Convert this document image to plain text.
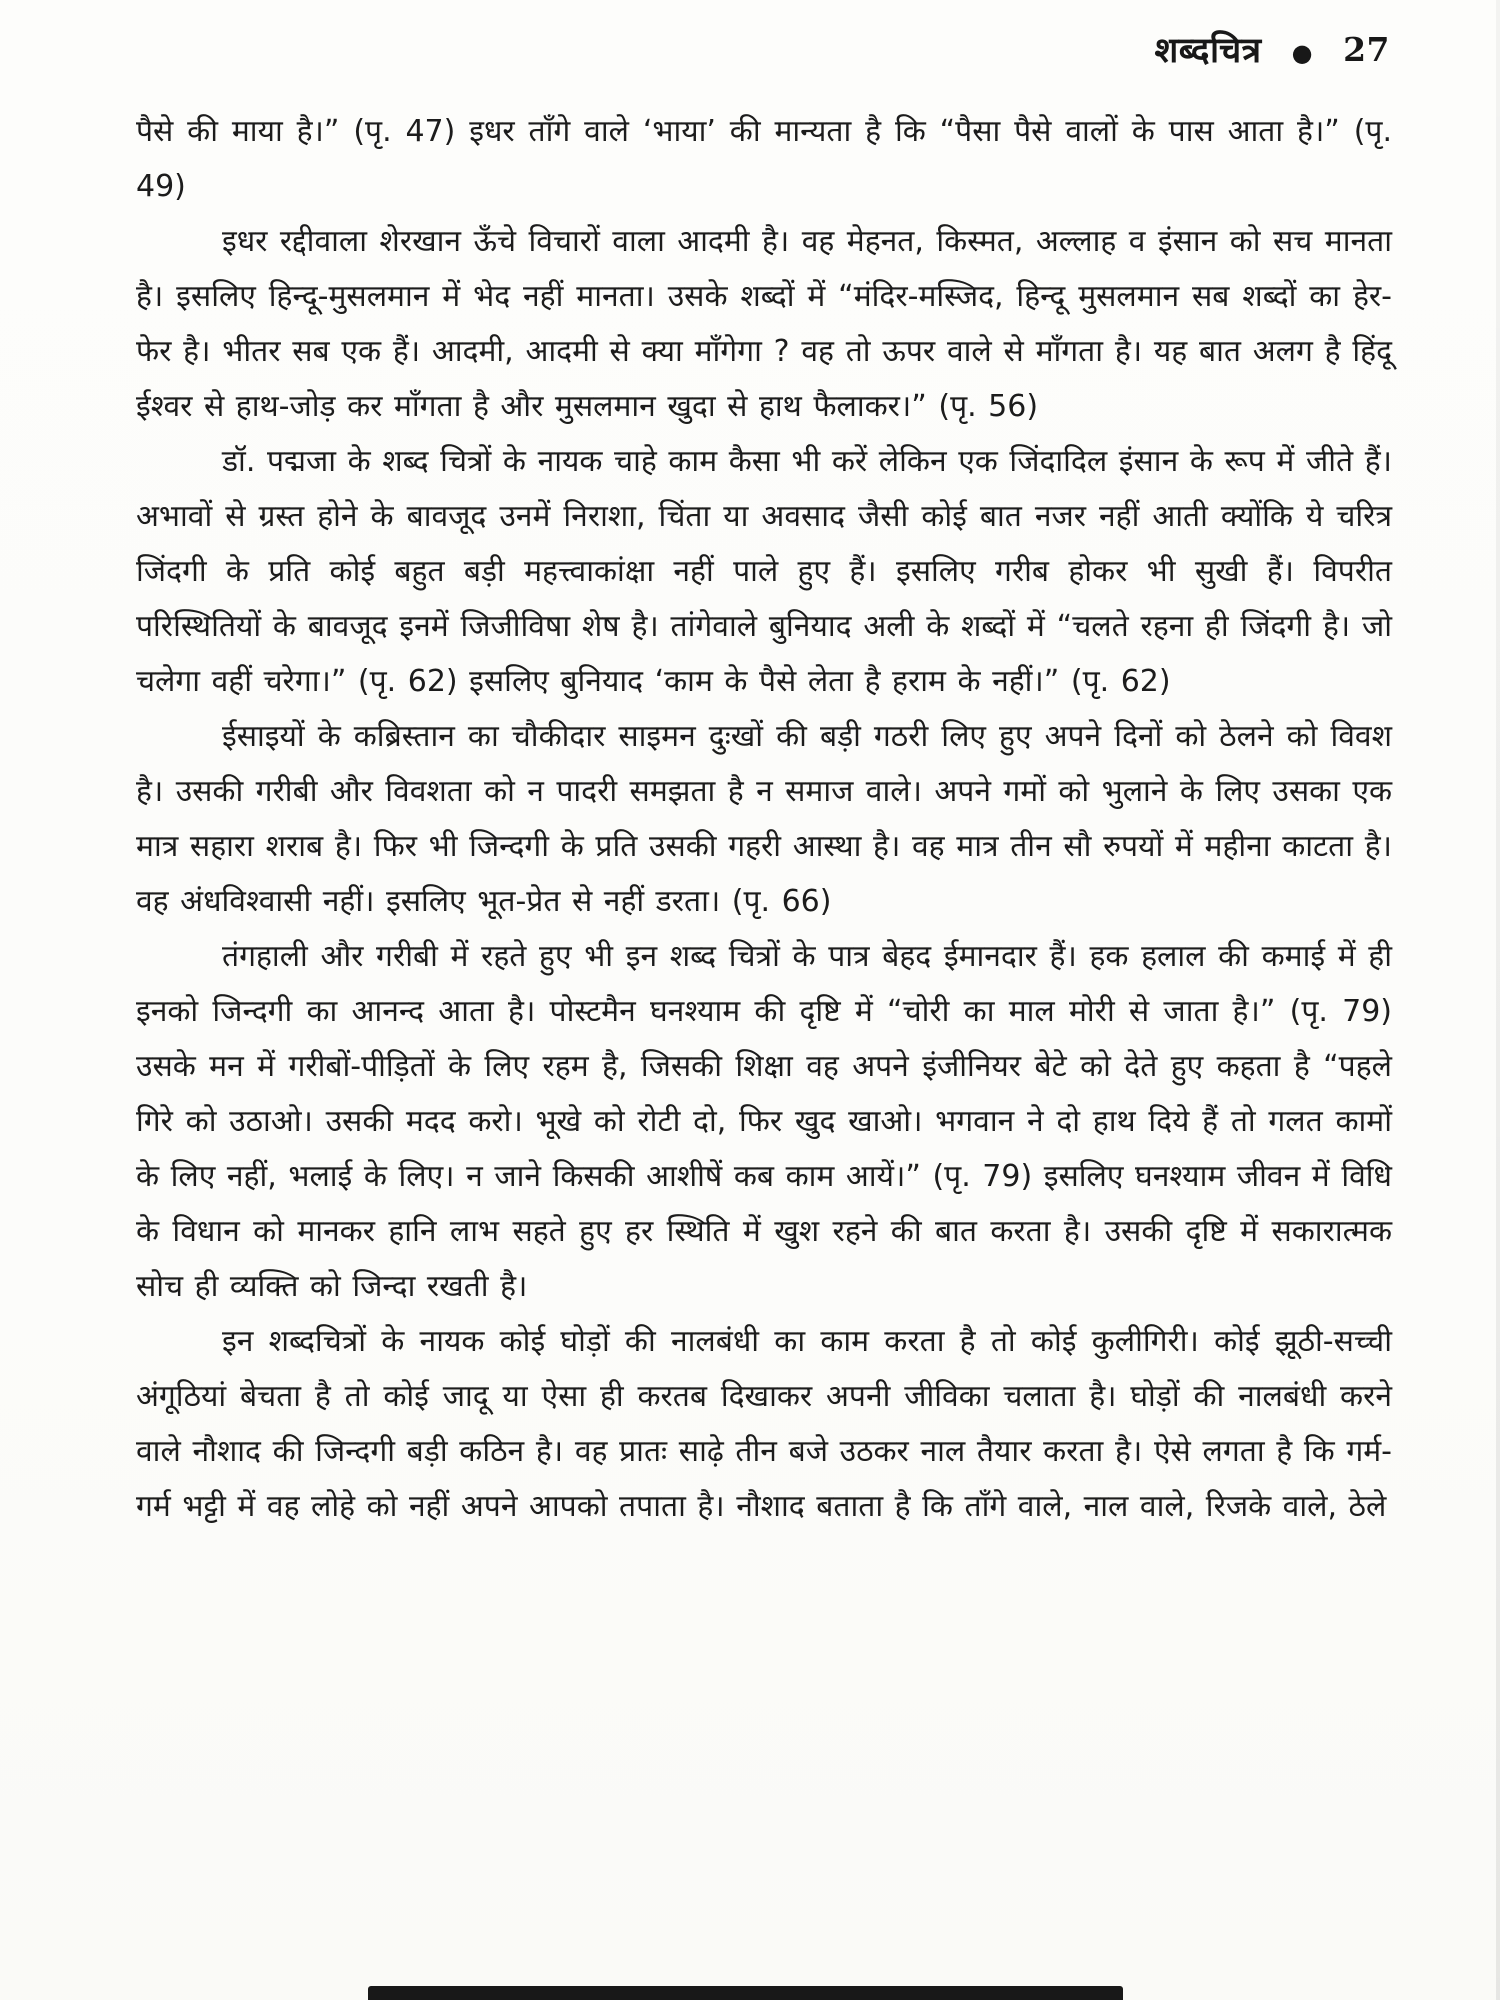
शब्दचित्र ● 27

पैसे की माया है।” (पृ. 47) इधर ताँगे वाले ‘भाया’ की मान्यता है कि “पैसा पैसे वालों के पास आता है।” (पृ. 49)

इधर रद्दीवाला शेरखान ऊँचे विचारों वाला आदमी है। वह मेहनत, किस्मत, अल्लाह व इंसान को सच मानता है। इसलिए हिन्दू-मुसलमान में भेद नहीं मानता। उसके शब्दों में “मंदिर-मस्जिद, हिन्दू मुसलमान सब शब्दों का हेर-फेर है। भीतर सब एक हैं। आदमी, आदमी से क्या माँगेगा ? वह तो ऊपर वाले से माँगता है। यह बात अलग है हिंदू ईश्वर से हाथ-जोड़ कर माँगता है और मुसलमान खुदा से हाथ फैलाकर।” (पृ. 56)

डॉ. पद्मजा के शब्द चित्रों के नायक चाहे काम कैसा भी करें लेकिन एक जिंदादिल इंसान के रूप में जीते हैं। अभावों से ग्रस्त होने के बावजूद उनमें निराशा, चिंता या अवसाद जैसी कोई बात नजर नहीं आती क्योंकि ये चरित्र जिंदगी के प्रति कोई बहुत बड़ी महत्त्वाकांक्षा नहीं पाले हुए हैं। इसलिए गरीब होकर भी सुखी हैं। विपरीत परिस्थितियों के बावजूद इनमें जिजीविषा शेष है। तांगेवाले बुनियाद अली के शब्दों में “चलते रहना ही जिंदगी है। जो चलेगा वहीं चरेगा।” (पृ. 62) इसलिए बुनियाद ‘काम के पैसे लेता है हराम के नहीं।” (पृ. 62)

ईसाइयों के कब्रिस्तान का चौकीदार साइमन दुःखों की बड़ी गठरी लिए हुए अपने दिनों को ठेलने को विवश है। उसकी गरीबी और विवशता को न पादरी समझता है न समाज वाले। अपने गमों को भुलाने के लिए उसका एक मात्र सहारा शराब है। फिर भी जिन्दगी के प्रति उसकी गहरी आस्था है। वह मात्र तीन सौ रुपयों में महीना काटता है। वह अंधविश्वासी नहीं। इसलिए भूत-प्रेत से नहीं डरता। (पृ. 66)

तंगहाली और गरीबी में रहते हुए भी इन शब्द चित्रों के पात्र बेहद ईमानदार हैं। हक हलाल की कमाई में ही इनको जिन्दगी का आनन्द आता है। पोस्टमैन घनश्याम की दृष्टि में “चोरी का माल मोरी से जाता है।” (पृ. 79) उसके मन में गरीबों-पीड़ितों के लिए रहम है, जिसकी शिक्षा वह अपने इंजीनियर बेटे को देते हुए कहता है “पहले गिरे को उठाओ। उसकी मदद करो। भूखे को रोटी दो, फिर खुद खाओ। भगवान ने दो हाथ दिये हैं तो गलत कामों के लिए नहीं, भलाई के लिए। न जाने किसकी आशीषें कब काम आयें।” (पृ. 79) इसलिए घनश्याम जीवन में विधि के विधान को मानकर हानि लाभ सहते हुए हर स्थिति में खुश रहने की बात करता है। उसकी दृष्टि में सकारात्मक सोच ही व्यक्ति को जिन्दा रखती है।

इन शब्दचित्रों के नायक कोई घोड़ों की नालबंधी का काम करता है तो कोई कुलीगिरी। कोई झूठी-सच्ची अंगूठियां बेचता है तो कोई जादू या ऐसा ही करतब दिखाकर अपनी जीविका चलाता है। घोड़ों की नालबंधी करने वाले नौशाद की जिन्दगी बड़ी कठिन है। वह प्रातः साढ़े तीन बजे उठकर नाल तैयार करता है। ऐसे लगता है कि गर्म-गर्म भट्टी में वह लोहे को नहीं अपने आपको तपाता है। नौशाद बताता है कि ताँगे वाले, नाल वाले, रिजके वाले, ठेले
